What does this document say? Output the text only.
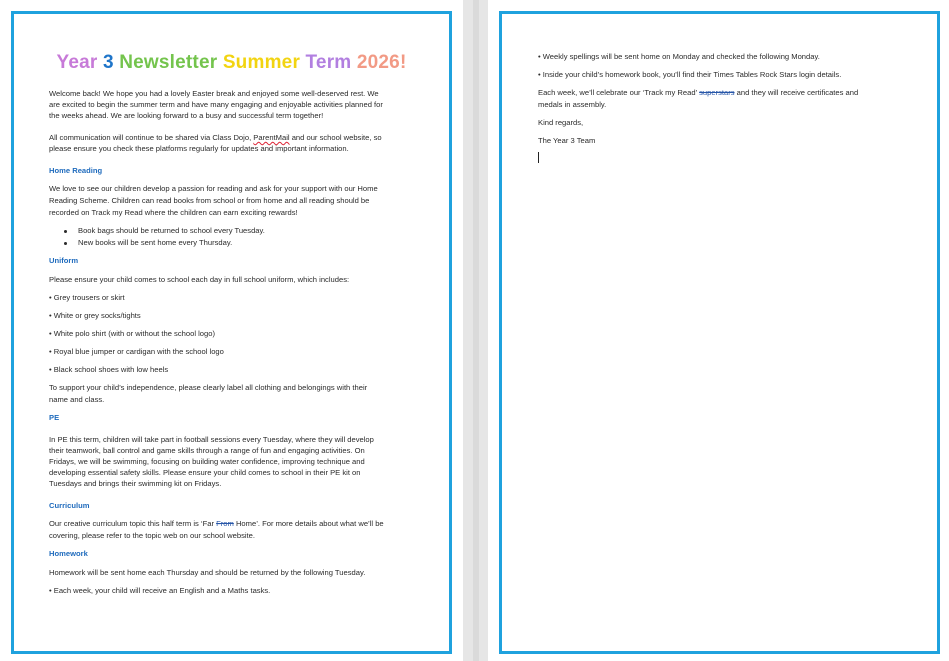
Year 3 Newsletter Summer Term 2026!
Welcome back! We hope you had a lovely Easter break and enjoyed some well-deserved rest. We
are excited to begin the summer term and have many engaging and enjoyable activities planned for
the weeks ahead. We are looking forward to a busy and successful term together!
All communication will continue to be shared via Class Dojo, ParentMail and our school website, so
please ensure you check these platforms regularly for updates and important information.
Home Reading
We love to see our children develop a passion for reading and ask for your support with our Home
Reading Scheme. Children can read books from school or from home and all reading should be
recorded on Track my Read where the children can earn exciting rewards!
Book bags should be returned to school every Tuesday.
New books will be sent home every Thursday.
Uniform
Please ensure your child comes to school each day in full school uniform, which includes:
• Grey trousers or skirt
• White or grey socks/tights
• White polo shirt (with or without the school logo)
• Royal blue jumper or cardigan with the school logo
• Black school shoes with low heels
To support your child’s independence, please clearly label all clothing and belongings with their
name and class.
PE
In PE this term, children will take part in football sessions every Tuesday, where they will develop
their teamwork, ball control and game skills through a range of fun and engaging activities. On
Fridays, we will be swimming, focusing on building water confidence, improving technique and
developing essential safety skills. Please ensure your child comes to school in their PE kit on
Tuesdays and brings their swimming kit on Fridays.
Curriculum
Our creative curriculum topic this half term is ‘Far From Home’. For more details about what we’ll be
covering, please refer to the topic web on our school website.
Homework
Homework will be sent home each Thursday and should be returned by the following Tuesday.
• Each week, your child will receive an English and a Maths tasks.
• Weekly spellings will be sent home on Monday and checked the following Monday.
• Inside your child’s homework book, you’ll find their Times Tables Rock Stars login details.
Each week, we’ll celebrate our ‘Track my Read’ superstars and they will receive certificates and
medals in assembly.
Kind regards,
The Year 3 Team
